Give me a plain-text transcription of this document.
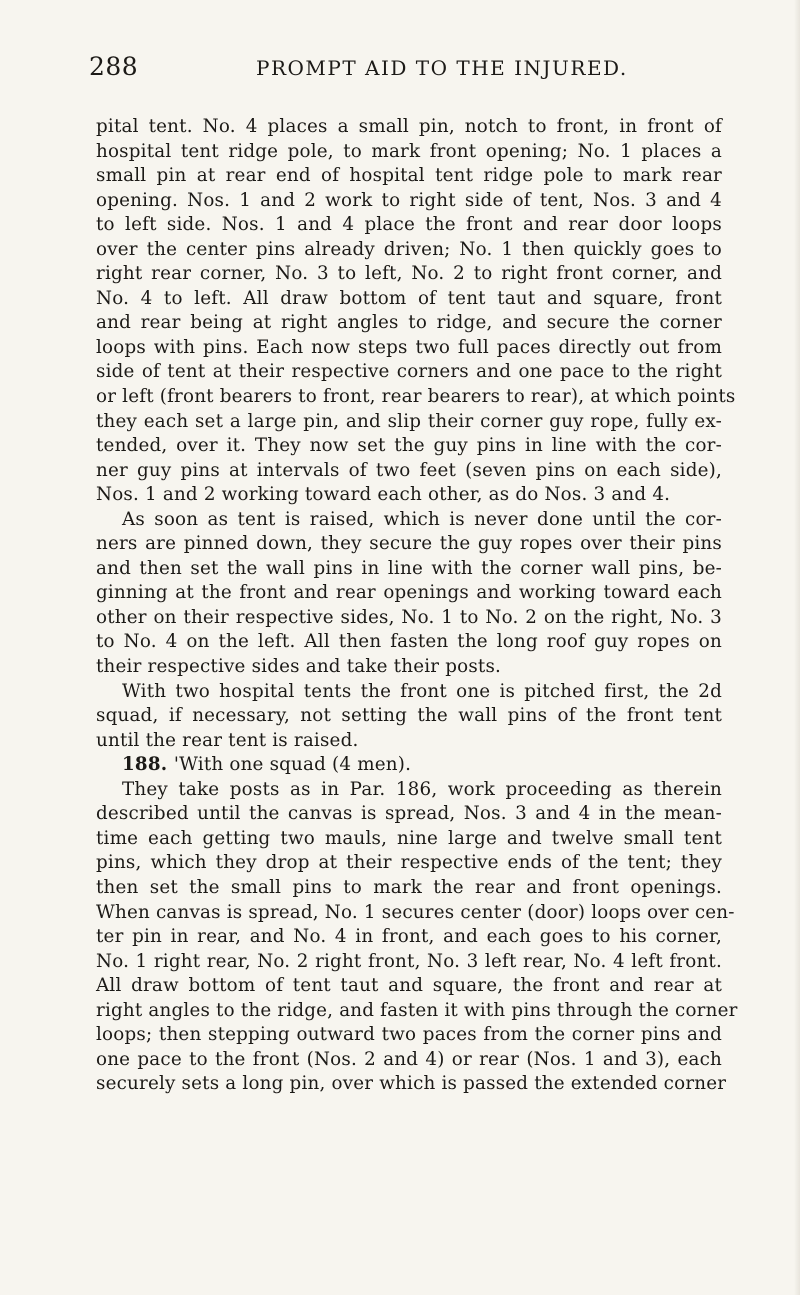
288	PROMPT AID TO THE INJURED.
pital tent. No. 4 places a small pin, notch to front, in front of
hospital tent ridge pole, to mark front opening; No. 1 places a
small pin at rear end of hospital tent ridge pole to mark rear
opening. Nos. 1 and 2 work to right side of tent, Nos. 3 and 4
to left side. Nos. 1 and 4 place the front and rear door loops
over the center pins already driven; No. 1 then quickly goes to
right rear corner, No. 3 to left, No. 2 to right front corner, and
No. 4 to left. All draw bottom of tent taut and square, front
and rear being at right angles to ridge, and secure the corner
loops with pins. Each now steps two full paces directly out from
side of tent at their respective corners and one pace to the right
or left (front bearers to front, rear bearers to rear), at which points
they each set a large pin, and slip their corner guy rope, fully ex-
tended, over it. They now set the guy pins in line with the cor-
ner guy pins at intervals of two feet (seven pins on each side),
Nos. 1 and 2 working toward each other, as do Nos. 3 and 4.
As soon as tent is raised, which is never done until the cor-
ners are pinned down, they secure the guy ropes over their pins
and then set the wall pins in line with the corner wall pins, be-
ginning at the front and rear openings and working toward each
other on their respective sides, No. 1 to No. 2 on the right, No. 3
to No. 4 on the left. All then fasten the long roof guy ropes on
their respective sides and take their posts.
With two hospital tents the front one is pitched first, the 2d
squad, if necessary, not setting the wall pins of the front tent
until the rear tent is raised.
188. 'With one squad (4 men).
They take posts as in Par. 186, work proceeding as therein
described until the canvas is spread, Nos. 3 and 4 in the mean-
time each getting two mauls, nine large and twelve small tent
pins, which they drop at their respective ends of the tent; they
then set the small pins to mark the rear and front openings.
When canvas is spread, No. 1 secures center (door) loops over cen-
ter pin in rear, and No. 4 in front, and each goes to his corner,
No. 1 right rear, No. 2 right front, No. 3 left rear, No. 4 left front.
All draw bottom of tent taut and square, the front and rear at
right angles to the ridge, and fasten it with pins through the corner
loops; then stepping outward two paces from the corner pins and
one pace to the front (Nos. 2 and 4) or rear (Nos. 1 and 3), each
securely sets a long pin, over which is passed the extended corner
